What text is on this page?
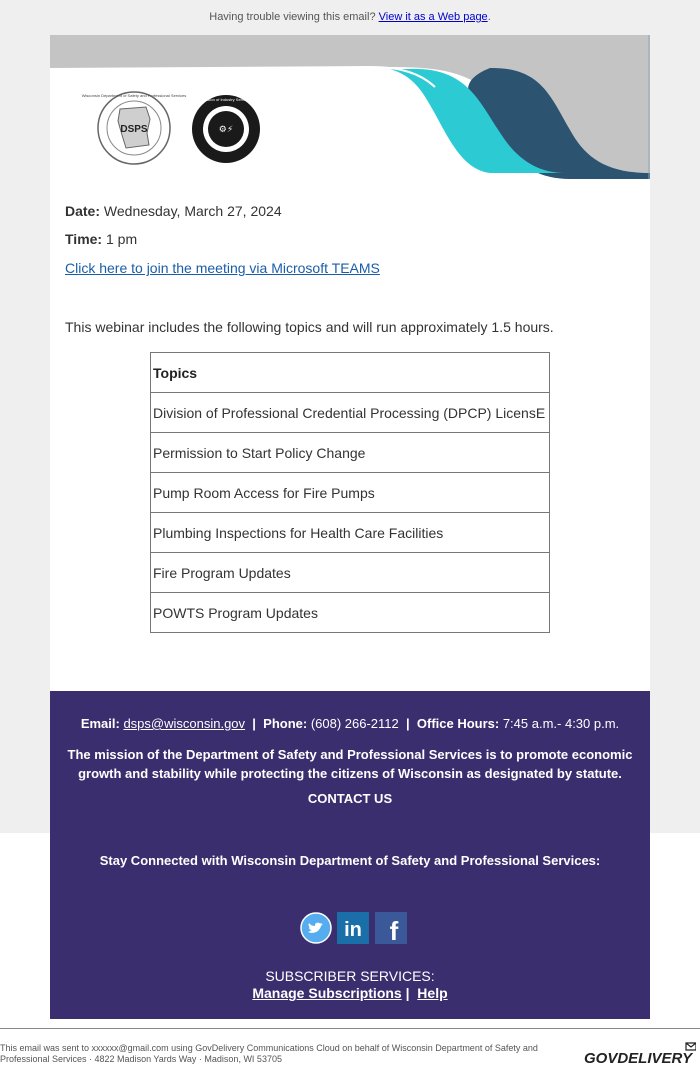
Having trouble viewing this email? View it as a Web page.
DSPS
Wisconsin Department of Safety and Professional Services
⚙⚡
Division of Industry Services

Date: Wednesday, March 27, 2024

Time: 1 pm

Click here to join the meeting via Microsoft TEAMS

This webinar includes the following topics and will run approximately 1.5 hours.

Topics
Division of Professional Credential Processing (DPCP) LicensE
Permission to Start Policy Change
Pump Room Access for Fire Pumps
Plumbing Inspections for Health Care Facilities
Fire Program Updates
POWTS Program Updates
Email: dsps@wisconsin.gov | Phone: (608) 266-2112 | Office Hours: 7:45 a.m.- 4:30 p.m.
The mission of the Department of Safety and Professional Services is to promote economic growth and stability while protecting the citizens of Wisconsin as designated by statute.
CONTACT US
Stay Connected with Wisconsin Department of Safety and Professional Services:

in
f
SUBSCRIBER SERVICES:
Manage Subscriptions | Help
This email was sent to xxxxxx@gmail.com using GovDelivery Communications Cloud on behalf of Wisconsin Department of Safety and Professional Services · 4822 Madison Yards Way · Madison, WI 53705	GOVDELIVERY
